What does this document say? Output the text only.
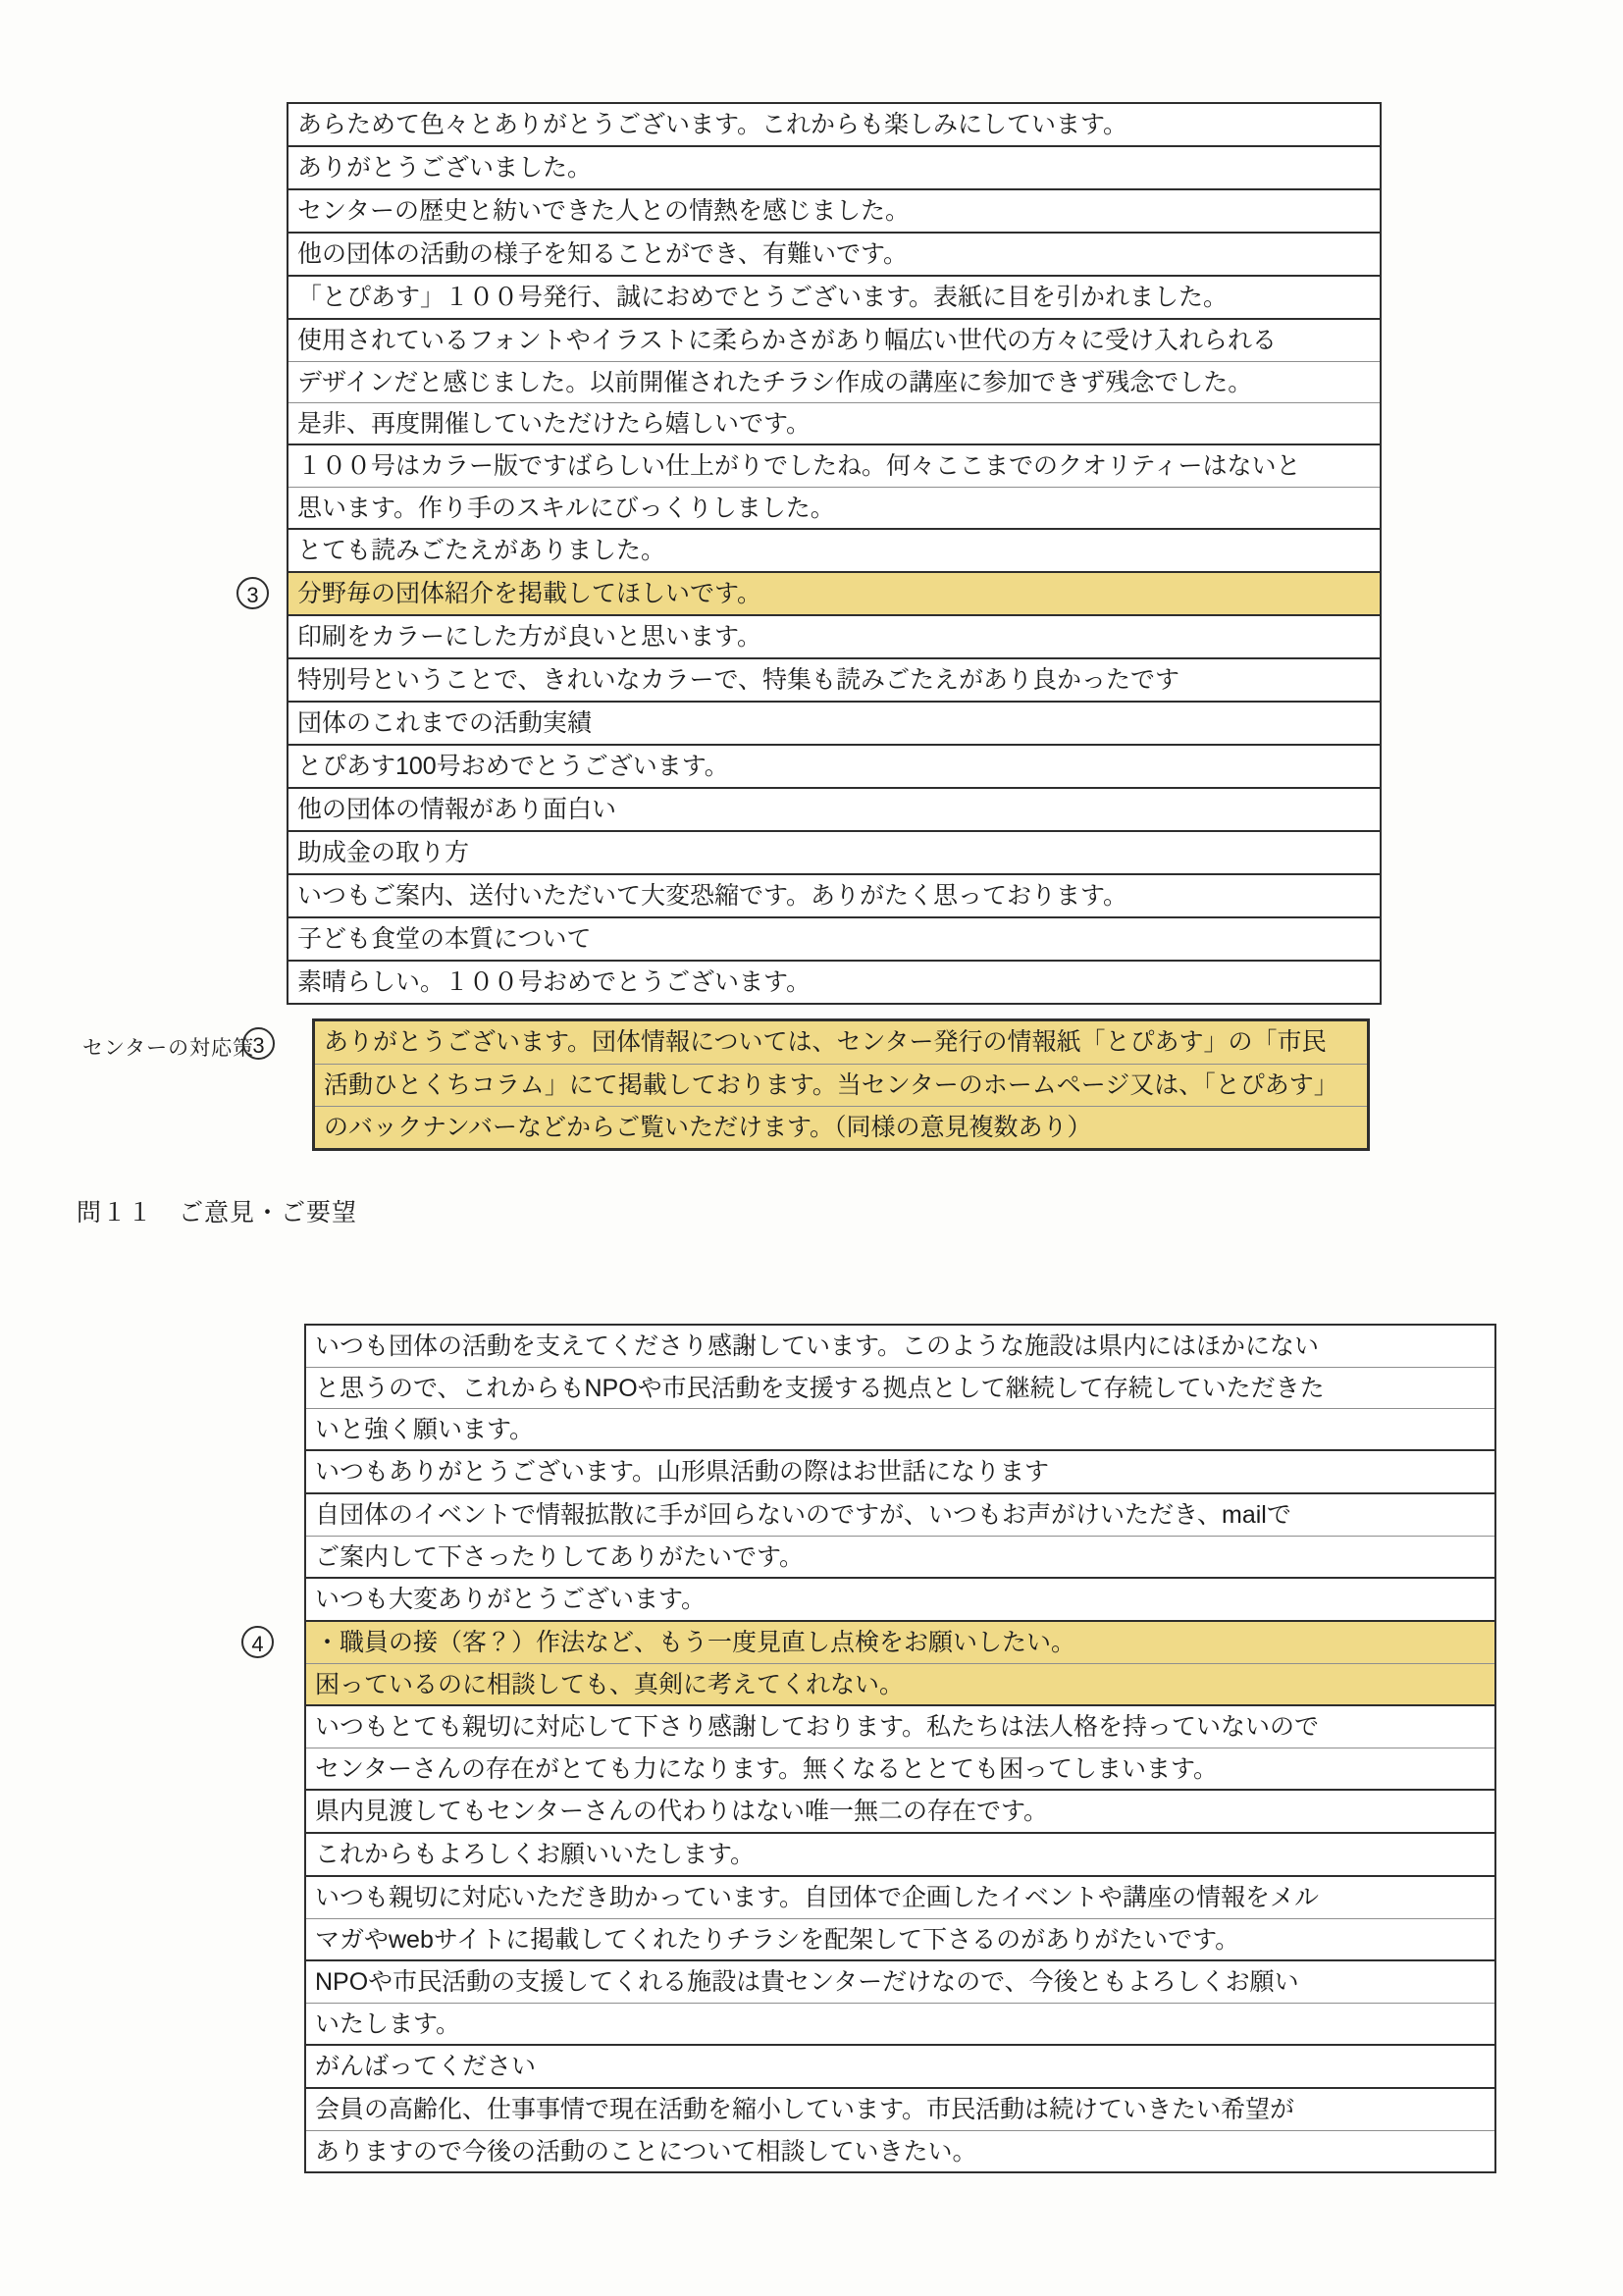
あらためて色々とありがとうございます。これからも楽しみにしています。
ありがとうございました。
センターの歴史と紡いできた人との情熱を感じました。
他の団体の活動の様子を知ることができ、有難いです。
「とぴあす」１００号発行、誠におめでとうございます。表紙に目を引かれました。
使用されているフォントやイラストに柔らかさがあり幅広い世代の方々に受け入れられる
デザインだと感じました。以前開催されたチラシ作成の講座に参加できず残念でした。
是非、再度開催していただけたら嬉しいです。
１００号はカラー版ですばらしい仕上がりでしたね。何々ここまでのクオリティーはないと
思います。作り手のスキルにびっくりしました。
とても読みごたえがありました。
3	分野毎の団体紹介を掲載してほしいです。
印刷をカラーにした方が良いと思います。
特別号ということで、きれいなカラーで、特集も読みごたえがあり良かったです
団体のこれまでの活動実績
とぴあす100号おめでとうございます。
他の団体の情報があり面白い
助成金の取り方
いつもご案内、送付いただいて大変恐縮です。ありがたく思っております。
子ども食堂の本質について
素晴らしい。１００号おめでとうございます。
センターの対応策
3	ありがとうございます。団体情報については、センター発行の情報紙「とぴあす」の「市民
活動ひとくちコラム」にて掲載しております。当センターのホームページ又は、「とぴあす」
のバックナンバーなどからご覧いただけます。（同様の意見複数あり）
問１１　ご意見・ご要望
いつも団体の活動を支えてくださり感謝しています。このような施設は県内にはほかにない
と思うので、これからもNPOや市民活動を支援する拠点として継続して存続していただきた
いと強く願います。
いつもありがとうございます。山形県活動の際はお世話になります
自団体のイベントで情報拡散に手が回らないのですが、いつもお声がけいただき、mailで
ご案内して下さったりしてありがたいです。
いつも大変ありがとうございます。
4	・職員の接（客？）作法など、もう一度見直し点検をお願いしたい。
困っているのに相談しても、真剣に考えてくれない。
いつもとても親切に対応して下さり感謝しております。私たちは法人格を持っていないので
センターさんの存在がとても力になります。無くなるととても困ってしまいます。
県内見渡してもセンターさんの代わりはない唯一無二の存在です。
これからもよろしくお願いいたします。
いつも親切に対応いただき助かっています。自団体で企画したイベントや講座の情報をメル
マガやwebサイトに掲載してくれたりチラシを配架して下さるのがありがたいです。
NPOや市民活動の支援してくれる施設は貴センターだけなので、今後ともよろしくお願い
いたします。
がんばってください
会員の高齢化、仕事事情で現在活動を縮小しています。市民活動は続けていきたい希望が
ありますので今後の活動のことについて相談していきたい。
